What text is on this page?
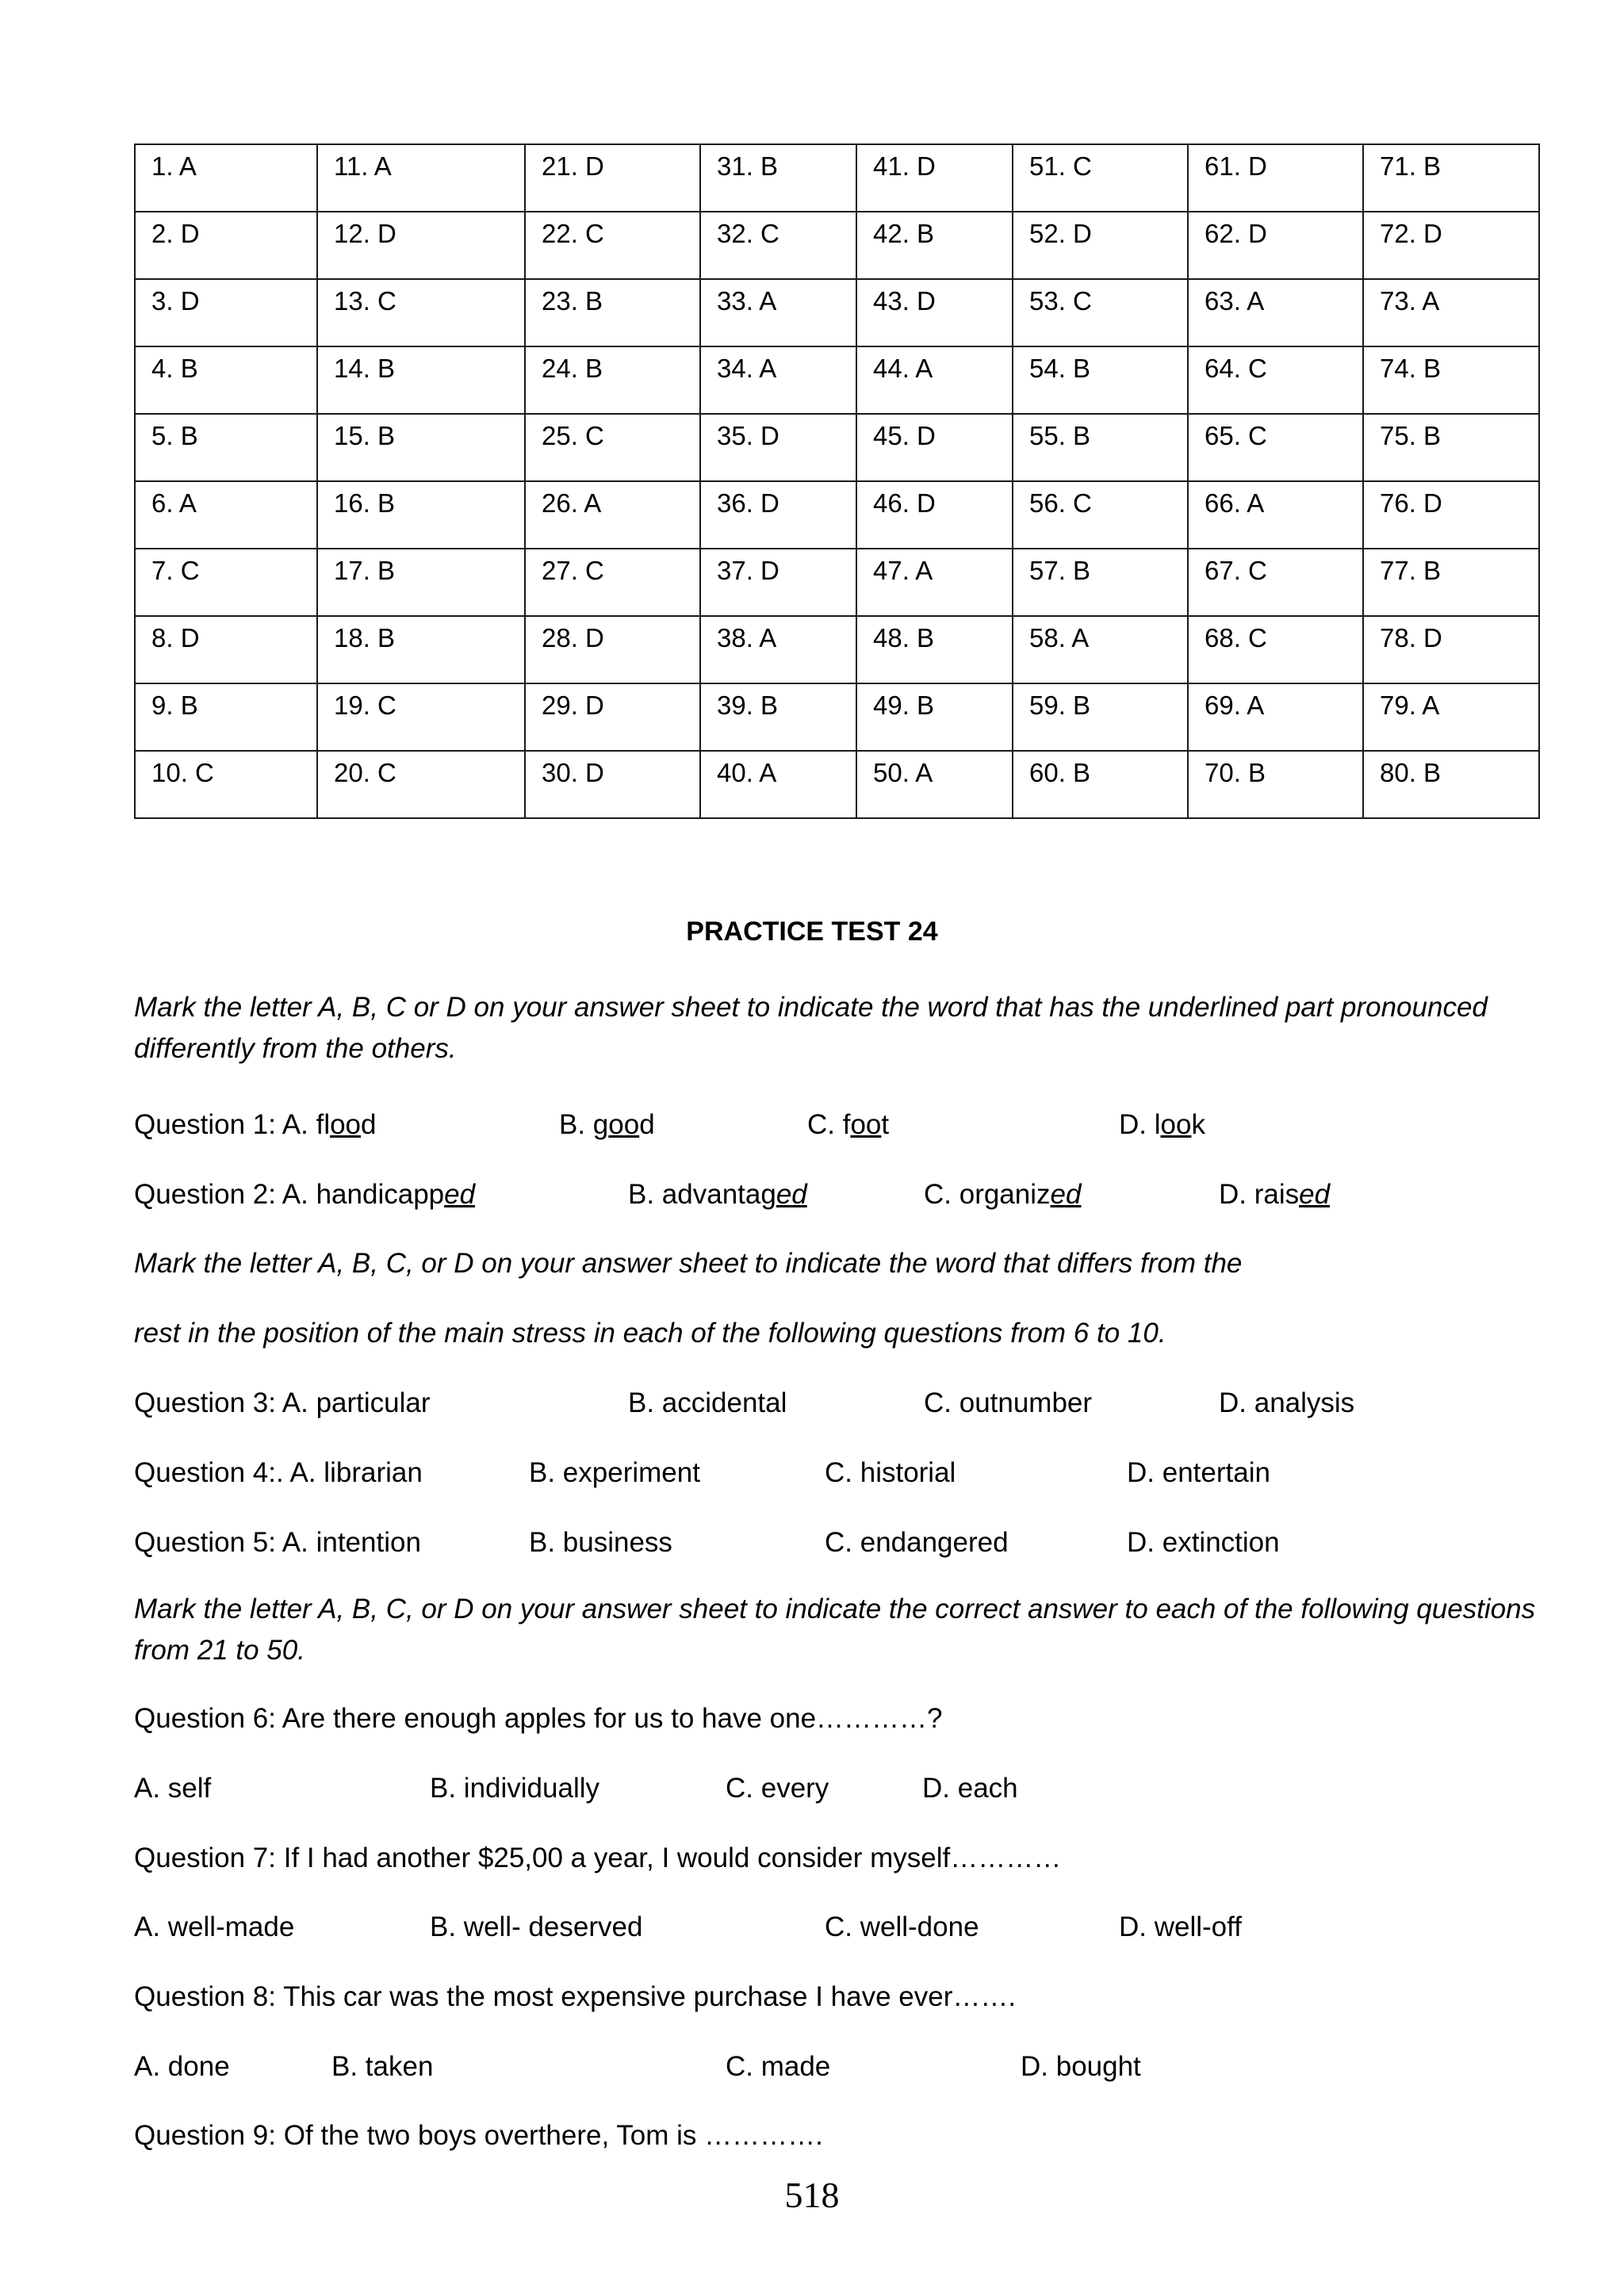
1. A	11. A	21. D	31. B	41. D	51. C	61. D	71. B
2. D	12. D	22. C	32. C	42. B	52. D	62. D	72. D
3. D	13. C	23. B	33. A	43. D	53. C	63. A	73. A
4. B	14. B	24. B	34. A	44. A	54. B	64. C	74. B
5. B	15. B	25. C	35. D	45. D	55. B	65. C	75. B
6. A	16. B	26. A	36. D	46. D	56. C	66. A	76. D
7. C	17. B	27. C	37. D	47. A	57. B	67. C	77. B
8. D	18. B	28. D	38. A	48. B	58. A	68. C	78. D
9. B	19. C	29. D	39. B	49. B	59. B	69. A	79. A
10. C	20. C	30. D	40. A	50. A	60. B	70. B	80. B
PRACTICE TEST 24
Mark the letter A, B, C or D on your answer sheet to indicate the word that has the underlined part pronounced differently from the others.
Question 1: A. flood	B. good	C. foot	D. look
Question 2: A. handicapped	B. advantaged	C. organized	D. raised
Mark the letter A, B, C, or D on your answer sheet to indicate the word that differs from the
rest in the position of the main stress in each of the following questions from 6 to 10.
Question 3: A. particular	B. accidental	C. outnumber	D. analysis
Question 4:. A. librarian	B. experiment	C. historial	D. entertain
Question 5: A. intention	B. business	C. endangered	D. extinction
Mark the letter A, B, C, or D on your answer sheet to indicate the correct answer to each of the following questions from 21 to 50.
Question 6: Are there enough apples for us to have one…………?
A. self	B. individually	C. every	D. each
Question 7: If I had another $25,00 a year, I would consider myself…………
A. well-made	B. well- deserved	C. well-done	D. well-off
Question 8: This car was the most expensive purchase I have ever…….
A. done	B. taken	C. made	D. bought
Question 9: Of the two boys overthere, Tom is ………….
518
